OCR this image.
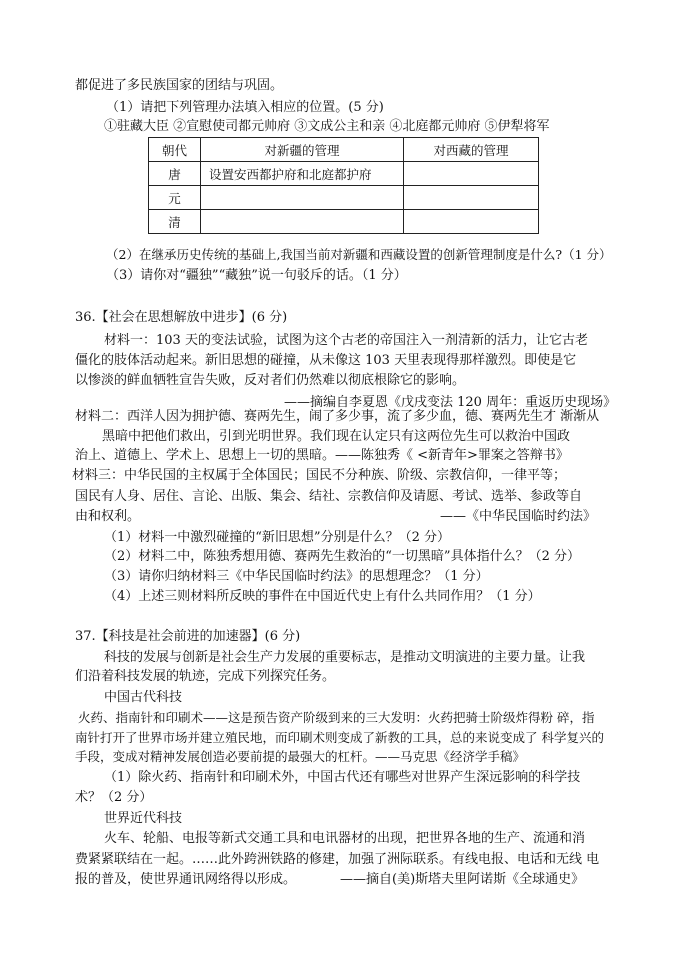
都促进了多民族国家的团结与巩固。
（1）请把下列管理办法填入相应的位置。(5 分)
①驻藏大臣 ②宣慰使司都元帅府 ③文成公主和亲 ④北庭都元帅府 ⑤伊犁将军
朝代	对新疆的管理	对西藏的管理
唐	设置安西都护府和北庭都护府	
元		
清		
（2）在继承历史传统的基础上,我国当前对新疆和西藏设置的创新管理制度是什么?（1 分）
（3）请你对“疆独”“藏独”说一句驳斥的话。（1 分）
36.【社会在思想解放中进步】(6 分)
材料一：103 天的变法试验，试图为这个古老的帝国注入一剂清新的活力，让它古老
僵化的肢体活动起来。新旧思想的碰撞，从未像这 103 天里表现得那样激烈。即使是它
以惨淡的鲜血牺牲宣告失败，反对者们仍然难以彻底根除它的影响。
——摘编自李夏恩《戊戌变法 120 周年：重返历史现场》
材料二：西洋人因为拥护德、赛两先生，闹了多少事，流了多少血，德、赛两先生才 渐渐从
黑暗中把他们救出，引到光明世界。我们现在认定只有这两位先生可以救治中国政
治上、道德上、学术上、思想上一切的黑暗。——陈独秀《 <新青年>罪案之答辩书》
材料三：中华民国的主权属于全体国民；国民不分种族、阶级、宗教信仰，一律平等；
国民有人身、居住、言论、出版、集会、结社、宗教信仰及请愿、考试、选举、参政等自
由和权利。	——《中华民国临时约法》
（1）材料一中激烈碰撞的“新旧思想”分别是什么？（2 分）
（2）材料二中，陈独秀想用德、赛两先生救治的“一切黑暗”具体指什么？（2 分）
（3）请你归纳材料三《中华民国临时约法》的思想理念？（1 分）
（4）上述三则材料所反映的事件在中国近代史上有什么共同作用？（1 分）
37.【科技是社会前进的加速器】(6 分)
科技的发展与创新是社会生产力发展的重要标志，是推动文明演进的主要力量。让我
们沿着科技发展的轨迹，完成下列探究任务。
中国古代科技
火药、指南针和印刷术——这是预告资产阶级到来的三大发明：火药把骑士阶级炸得粉 碎，指
南针打开了世界市场并建立殖民地，而印刷术则变成了新教的工具，总的来说变成了 科学复兴的
手段，变成对精神发展创造必要前提的最强大的杠杆。——马克思《经济学手稿》
（1）除火药、指南针和印刷术外，中国古代还有哪些对世界产生深远影响的科学技
术？（2 分）
世界近代科技
火车、轮船、电报等新式交通工具和电讯器材的出现，把世界各地的生产、流通和消
费紧紧联结在一起。……此外跨洲铁路的修建，加强了洲际联系。有线电报、电话和无线 电
报的普及，使世界通讯网络得以形成。	——摘自(美)斯塔夫里阿诺斯《全球通史》
